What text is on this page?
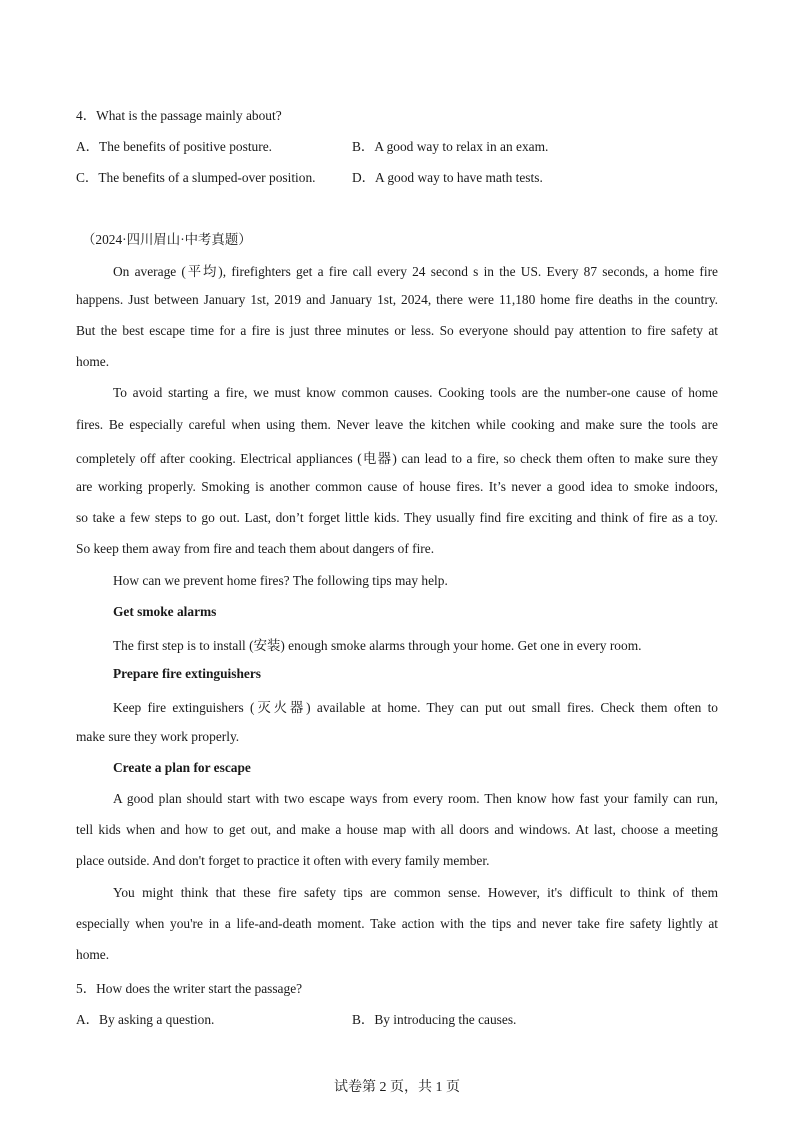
4．What is the passage mainly about?
A．The benefits of positive posture.	B．A good way to relax in an exam.
C．The benefits of a slumped-over position.	D．A good way to have math tests.
（2024·四川眉山·中考真题）
On average (平均), firefighters get a fire call every 24 second s in the US. Every 87 seconds, a home fire
happens. Just between January 1st, 2019 and January 1st, 2024, there were 11,180 home fire deaths in the country.
But the best escape time for a fire is just three minutes or less. So everyone should pay attention to fire safety at
home.
To avoid starting a fire, we must know common causes. Cooking tools are the number-one cause of home
fires. Be especially careful when using them. Never leave the kitchen while cooking and make sure the tools are
completely off after cooking. Electrical appliances (电器) can lead to a fire, so check them often to make sure they
are working properly. Smoking is another common cause of house fires. It’s never a good idea to smoke indoors,
so take a few steps to go out. Last, don’t forget little kids. They usually find fire exciting and think of fire as a toy.
So keep them away from fire and teach them about dangers of fire.
How can we prevent home fires? The following tips may help.
Get smoke alarms
The first step is to install (安装) enough smoke alarms through your home. Get one in every room.
Prepare fire extinguishers
Keep fire extinguishers (灭火器) available at home. They can put out small fires. Check them often to
make sure they work properly.
Create a plan for escape
A good plan should start with two escape ways from every room. Then know how fast your family can run,
tell kids when and how to get out, and make a house map with all doors and windows. At last, choose a meeting
place outside. And don't forget to practice it often with every family member.
You might think that these fire safety tips are common sense. However, it's difficult to think of them
especially when you're in a life-and-death moment. Take action with the tips and never take fire safety lightly at
home.
5．How does the writer start the passage?
A．By asking a question.	B．By introducing the causes.
试卷第 2 页，共 1 页
